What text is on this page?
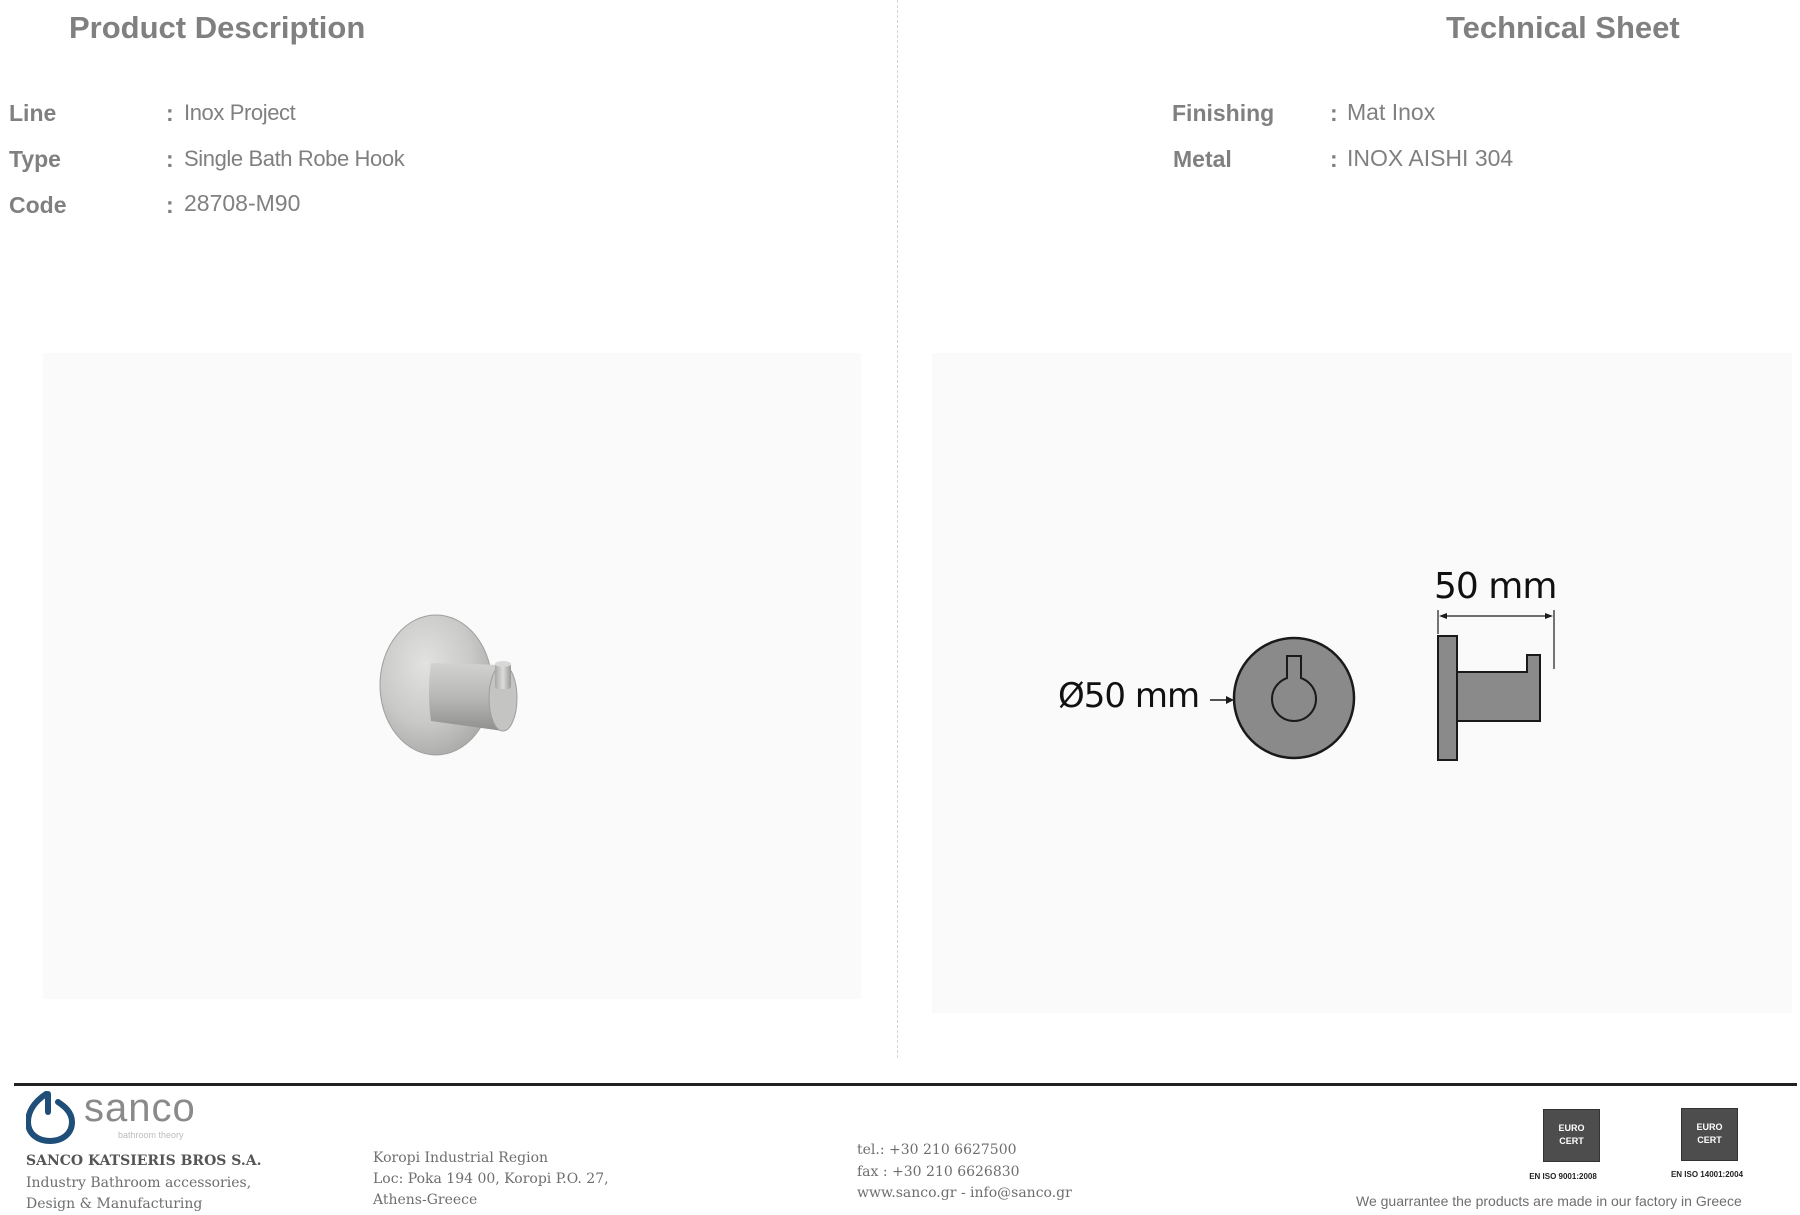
Product Description	Technical Sheet
Line	: Inox Project
Type	: Single Bath Robe Hook
Code	: 28708-M90
Finishing : Mat Inox
Metal	: INOX AISHI 304
Ø50 mm
50 mm
sanco
bathroom theory
SANCO KATSIERIS BROS S.A.
Industry Bathroom accessories,
Design & Manufacturing
Koropi Industrial Region
Loc: Poka 194 00, Koropi P.O. 27,
Athens-Greece
tel.: +30 210 6627500
fax : +30 210 6626830
www.sanco.gr - info@sanco.gr
EURO
CERT
EN ISO 9001:2008
EURO
CERT
EN ISO 14001:2004
We guarrantee the products are made in our factory in Greece
